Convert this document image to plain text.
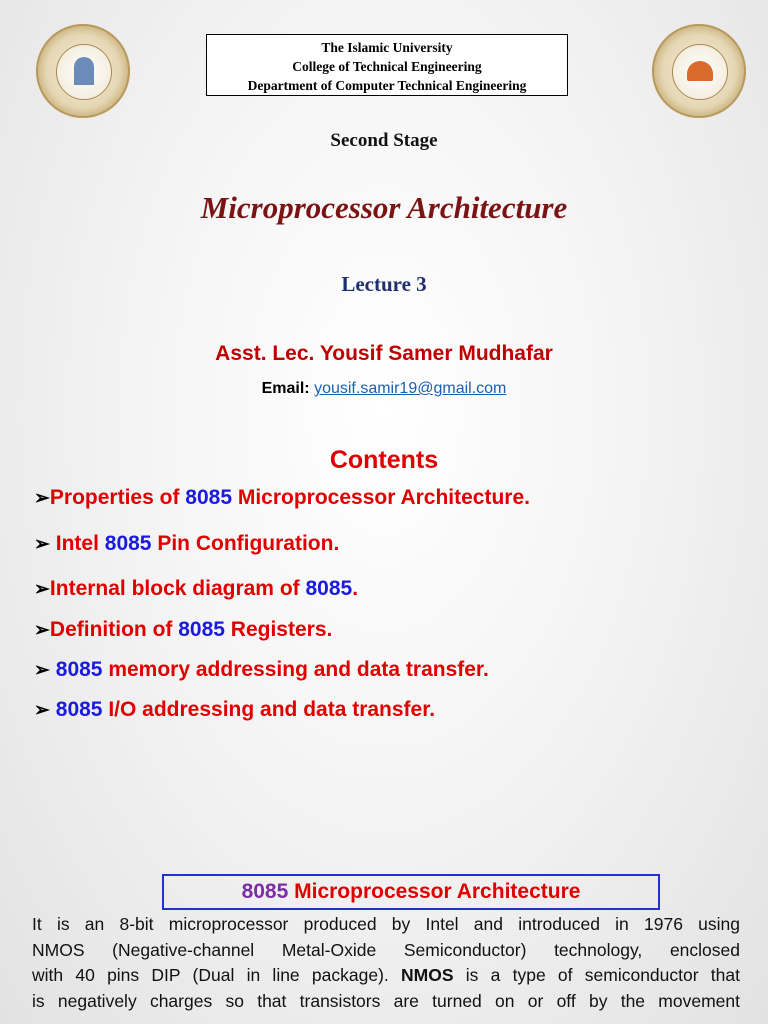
The Islamic University
College of Technical Engineering
Department of Computer Technical Engineering
Second Stage
Microprocessor Architecture
Lecture 3
Asst. Lec. Yousif Samer Mudhafar
Email: yousif.samir19@gmail.com
Contents
➢Properties of 8085 Microprocessor Architecture.
➢ Intel 8085 Pin Configuration.
➢Internal block diagram of 8085.
➢Definition of 8085 Registers.
➢ 8085 memory addressing and data transfer.
➢ 8085 I/O addressing and data transfer.
8085 Microprocessor Architecture
It is an 8-bit microprocessor produced by Intel and introduced in 1976 using
NMOS (Negative-channel Metal-Oxide Semiconductor) technology, enclosed
with 40 pins DIP (Dual in line package). NMOS is a type of semiconductor that
is negatively charges so that transistors are turned on or off by the movement
